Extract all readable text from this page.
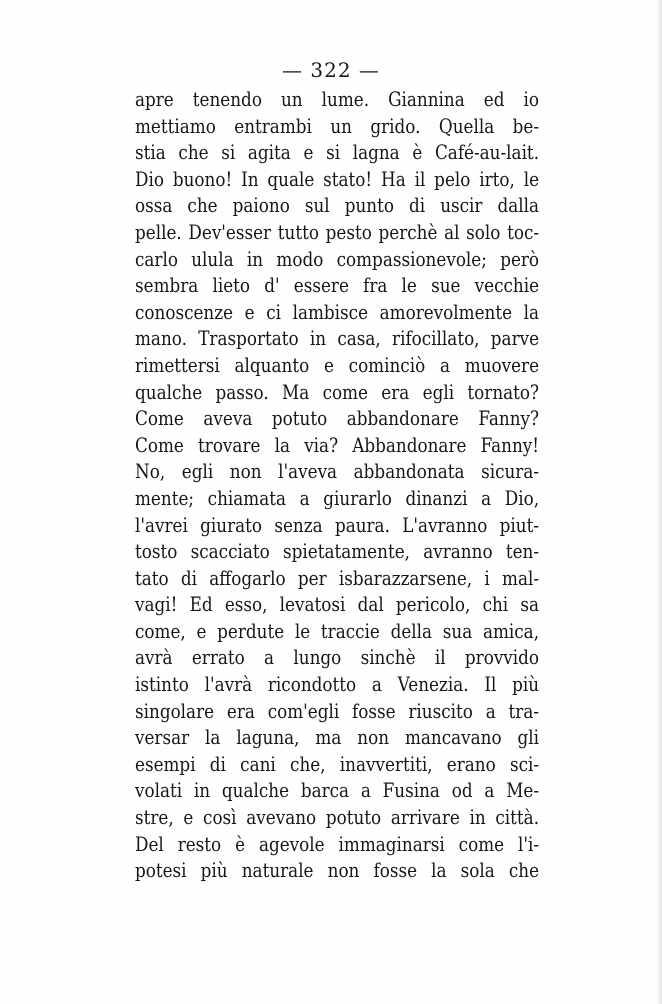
— 322 —
apre tenendo un lume. Giannina ed io
mettiamo entrambi un grido. Quella be-
stia che si agita e si lagna è Café-au-lait.
Dio buono! In quale stato! Ha il pelo irto, le
ossa che paiono sul punto di uscir dalla
pelle. Dev'esser tutto pesto perchè al solo toc-
carlo ulula in modo compassionevole; però
sembra lieto d' essere fra le sue vecchie
conoscenze e ci lambisce amorevolmente la
mano. Trasportato in casa, rifocillato, parve
rimettersi alquanto e cominciò a muovere
qualche passo. Ma come era egli tornato?
Come aveva potuto abbandonare Fanny?
Come trovare la via? Abbandonare Fanny!
No, egli non l'aveva abbandonata sicura-
mente; chiamata a giurarlo dinanzi a Dio,
l'avrei giurato senza paura. L'avranno piut-
tosto scacciato spietatamente, avranno ten-
tato di affogarlo per isbarazzarsene, i mal-
vagi! Ed esso, levatosi dal pericolo, chi sa
come, e perdute le traccie della sua amica,
avrà errato a lungo sinchè il provvido
istinto l'avrà ricondotto a Venezia. Il più
singolare era com'egli fosse riuscito a tra-
versar la laguna, ma non mancavano gli
esempi di cani che, inavvertiti, erano sci-
volati in qualche barca a Fusina od a Me-
stre, e così avevano potuto arrivare in città.
Del resto è agevole immaginarsi come l'i-
potesi più naturale non fosse la sola che
